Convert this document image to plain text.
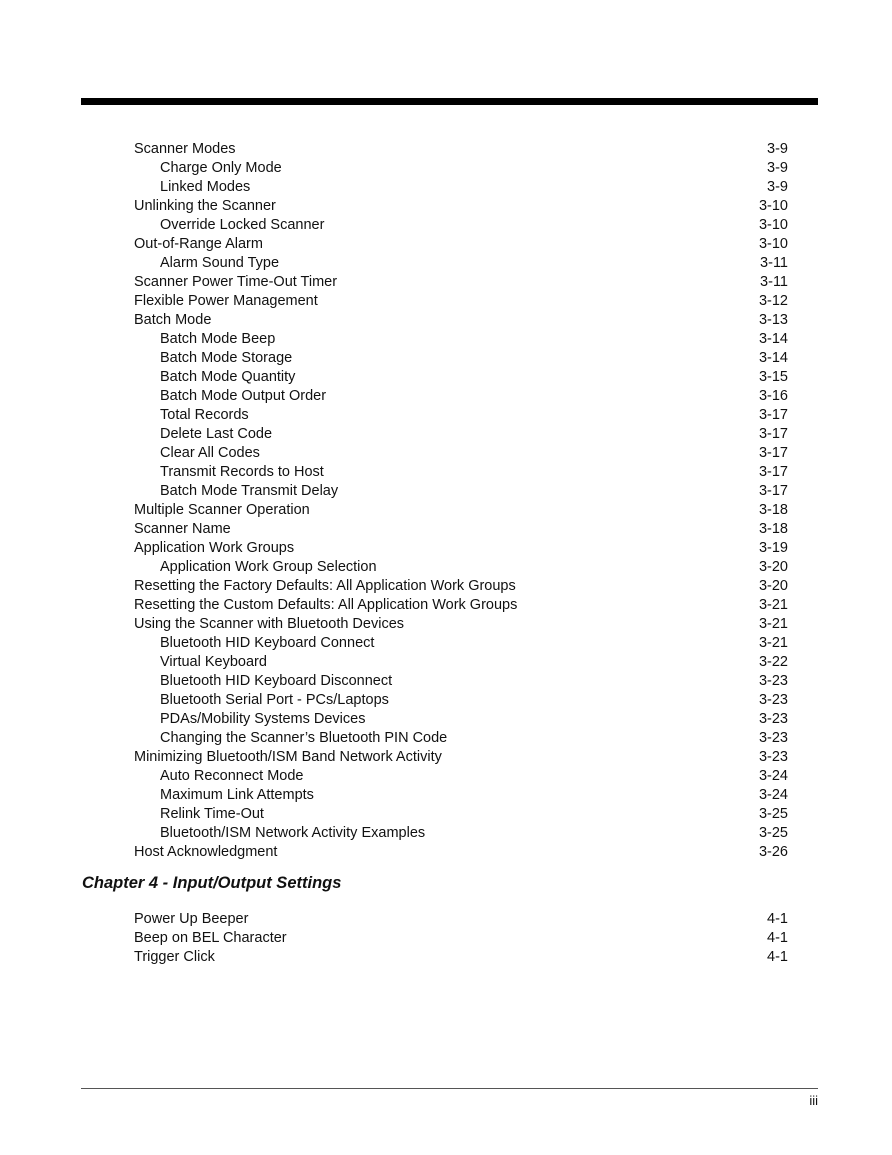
Scanner Modes	3-9
Charge Only Mode	3-9
Linked Modes	3-9
Unlinking the Scanner	3-10
Override Locked Scanner	3-10
Out-of-Range Alarm	3-10
Alarm Sound Type	3-11
Scanner Power Time-Out Timer	3-11
Flexible Power Management	3-12
Batch Mode	3-13
Batch Mode Beep	3-14
Batch Mode Storage	3-14
Batch Mode Quantity	3-15
Batch Mode Output Order	3-16
Total Records	3-17
Delete Last Code	3-17
Clear All Codes	3-17
Transmit Records to Host	3-17
Batch Mode Transmit Delay	3-17
Multiple Scanner Operation	3-18
Scanner Name	3-18
Application Work Groups	3-19
Application Work Group Selection	3-20
Resetting the Factory Defaults: All Application Work Groups	3-20
Resetting the Custom Defaults: All Application Work Groups	3-21
Using the Scanner with Bluetooth Devices	3-21
Bluetooth HID Keyboard Connect	3-21
Virtual Keyboard	3-22
Bluetooth HID Keyboard Disconnect	3-23
Bluetooth Serial Port - PCs/Laptops	3-23
PDAs/Mobility Systems Devices	3-23
Changing the Scanner’s Bluetooth PIN Code	3-23
Minimizing Bluetooth/ISM Band Network Activity	3-23
Auto Reconnect Mode	3-24
Maximum Link Attempts	3-24
Relink Time-Out	3-25
Bluetooth/ISM Network Activity Examples	3-25
Host Acknowledgment	3-26
Chapter 4 - Input/Output Settings
Power Up Beeper	4-1
Beep on BEL Character	4-1
Trigger Click	4-1
iii
